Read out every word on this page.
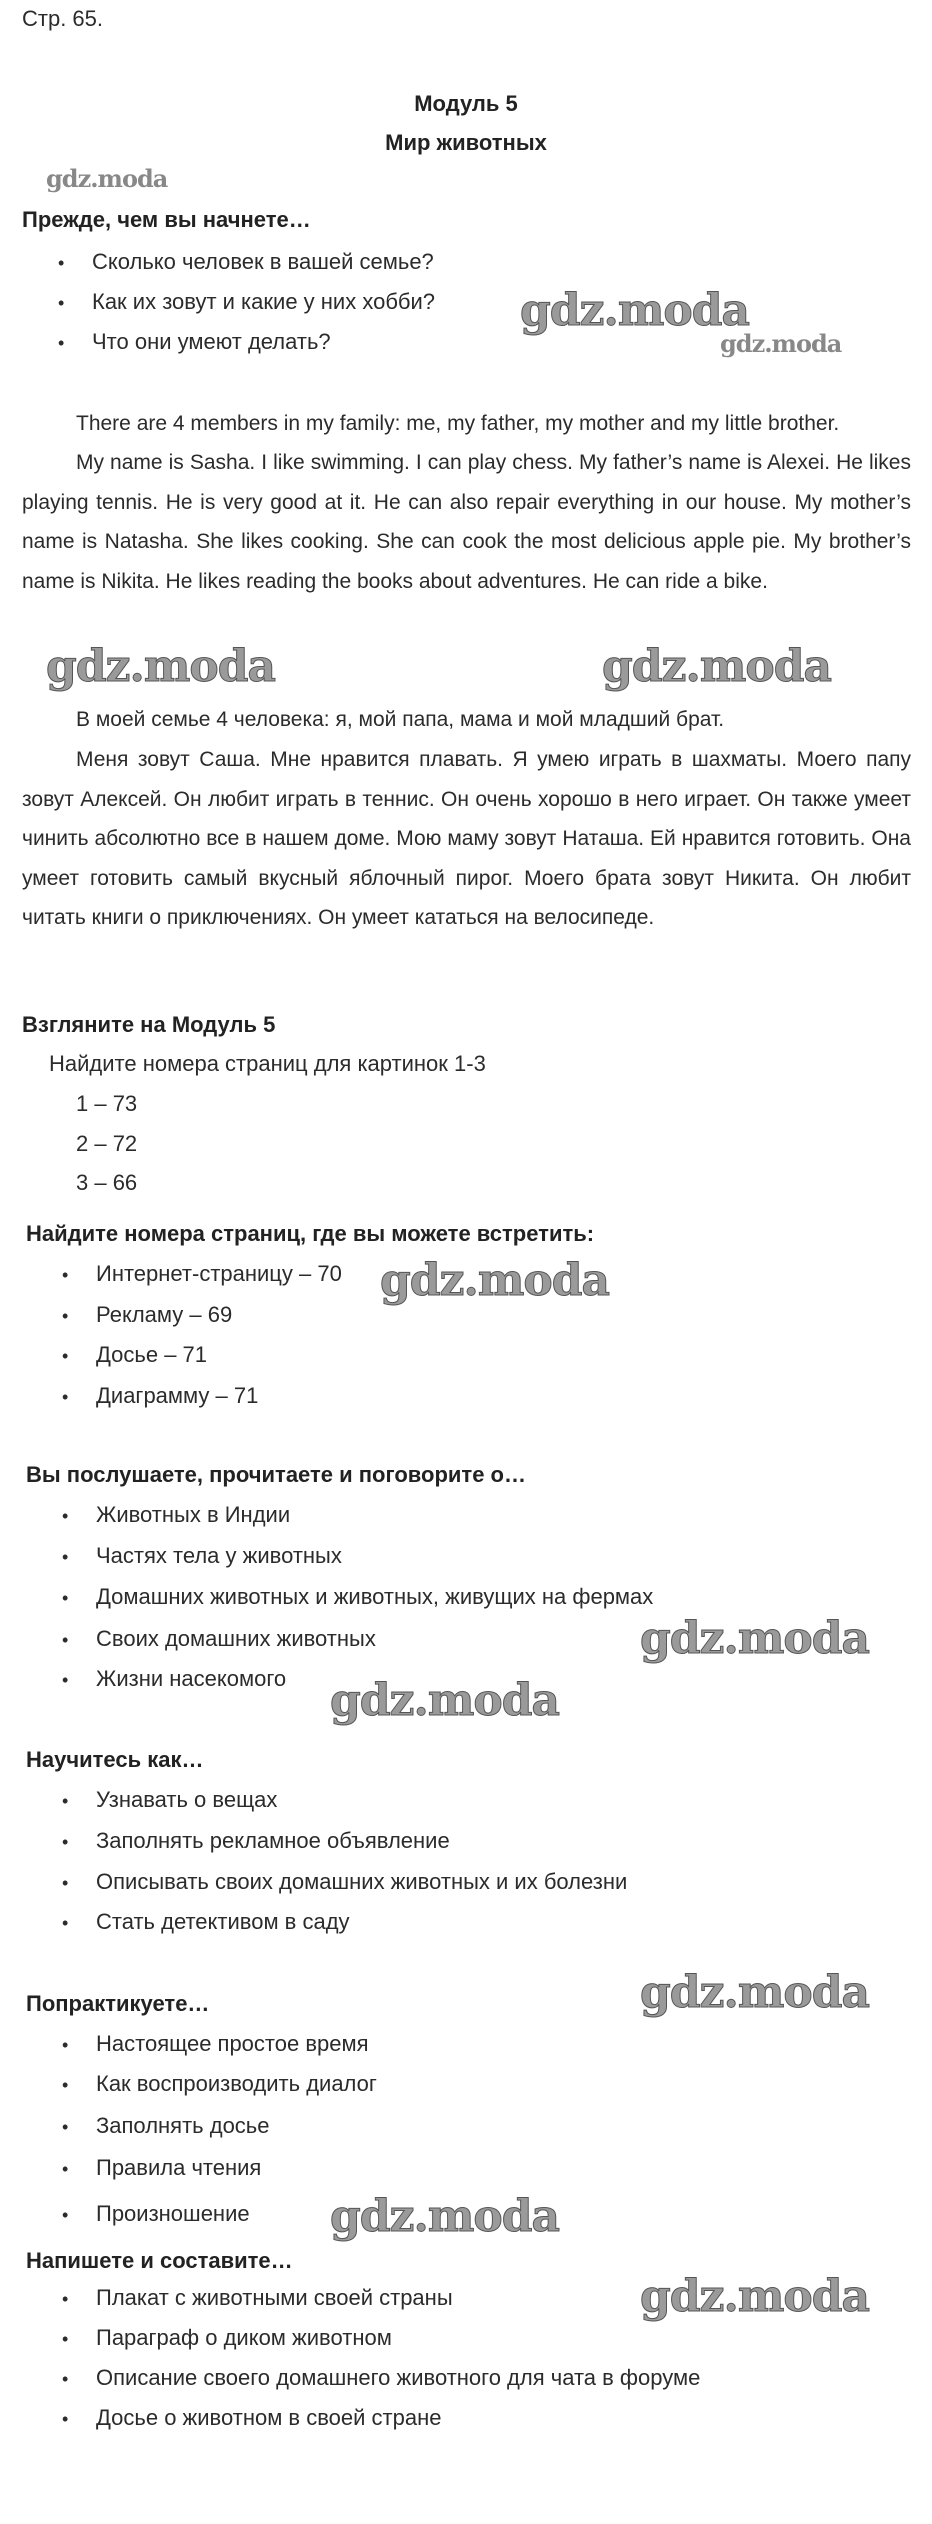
gdz.moda
gdz.moda
gdz.moda
gdz.moda	gdz.moda
gdz.moda
gdz.moda
gdz.moda
gdz.moda
gdz.moda
gdz.moda
Стр. 65.
Модуль 5
Мир животных
Прежде, чем вы начнете…
• Сколько человек в вашей семье?
• Как их зовут и какие у них хобби?
• Что они умеют делать?

There are 4 members in my family: me, my father, my mother and my little brother.

My name is Sasha. I like swimming. I can play chess. My father’s name is Alexei. He likes playing tennis. He is very good at it. He can also repair everything in our house. My mother’s name is Natasha. She likes cooking. She can cook the most delicious apple pie. My brother’s name is Nikita. He likes reading the books about adventures. He can ride a bike.

В моей семье 4 человека: я, мой папа, мама и мой младший брат.

Меня зовут Саша. Мне нравится плавать. Я умею играть в шахматы. Моего папу зовут Алексей. Он любит играть в теннис. Он очень хорошо в него играет. Он также умеет чинить абсолютно все в нашем доме. Мою маму зовут Наташа. Ей нравится готовить. Она умеет готовить самый вкусный яблочный пирог. Моего брата зовут Никита. Он любит читать книги о приключениях. Он умеет кататься на велосипеде.

Взгляните на Модуль 5
Найдите номера страниц для картинок 1-3
1 – 73
2 – 72
3 – 66
Найдите номера страниц, где вы можете встретить:
• Интернет-страницу – 70
• Рекламу – 69
• Досье – 71
• Диаграмму – 71
Вы послушаете, прочитаете и поговорите о…
• Животных в Индии
• Частях тела у животных
• Домашних животных и животных, живущих на фермах
• Своих домашних животных
• Жизни насекомого
Научитесь как…
• Узнавать о вещах
• Заполнять рекламное объявление
• Описывать своих домашних животных и их болезни
• Стать детективом в саду
Попрактикуете…
• Настоящее простое время
• Как воспроизводить диалог
• Заполнять досье
• Правила чтения
• Произношение
Напишете и составите…
• Плакат с животными своей страны
• Параграф о диком животном
• Описание своего домашнего животного для чата в форуме
• Досье о животном в своей стране
